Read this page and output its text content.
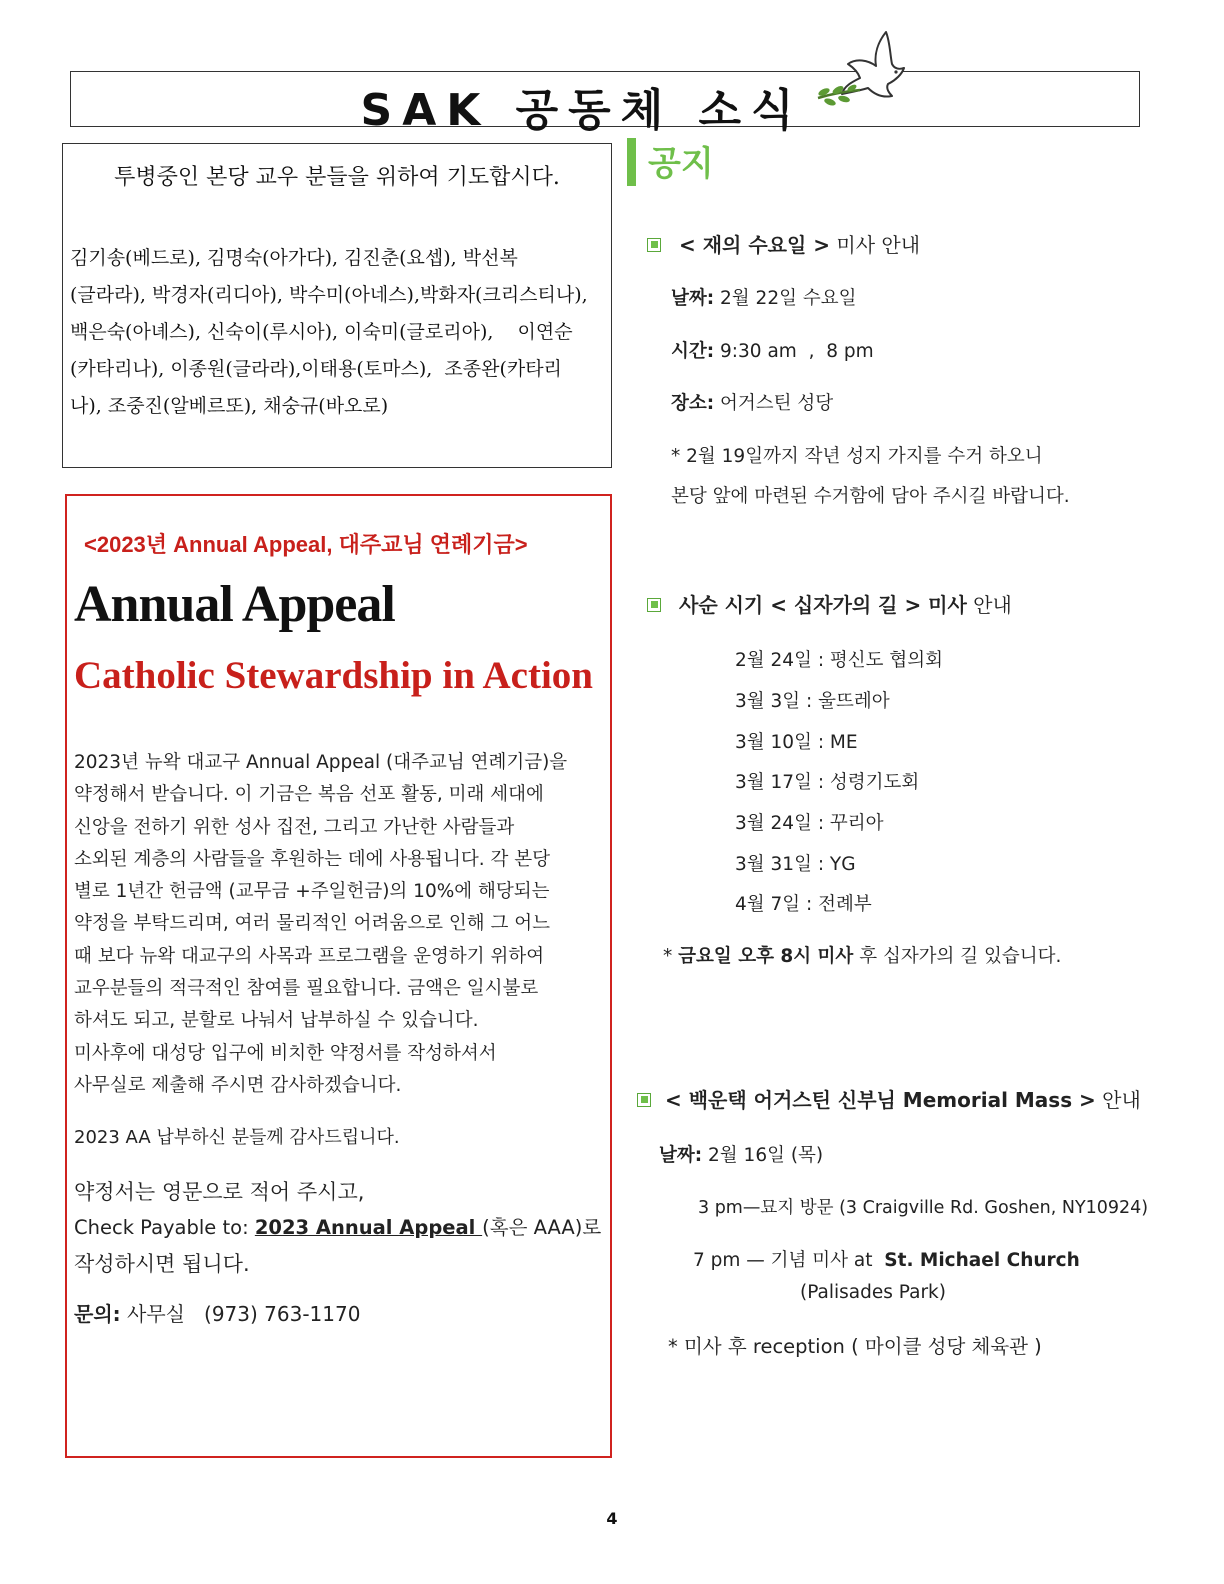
SAK 공동체 소식
투병중인 본당 교우 분들을 위하여 기도합시다.
김기송(베드로), 김명숙(아가다), 김진춘(요셉), 박선복
(글라라), 박경자(리디아), 박수미(아네스),박화자(크리스티나),
백은숙(아녜스), 신숙이(루시아), 이숙미(글로리아),    이연순
(카타리나), 이종원(글라라),이태용(토마스),  조종완(카타리
나), 조중진(알베르또), 채숭규(바오로)
<2023년 Annual Appeal, 대주교님 연례기금>
Annual Appeal
Catholic Stewardship in Action
2023년 뉴왁 대교구 Annual Appeal (대주교님 연례기금)을
약정해서 받습니다. 이 기금은 복음 선포 활동, 미래 세대에
신앙을 전하기 위한 성사 집전, 그리고 가난한 사람들과
소외된 계층의 사람들을 후원하는 데에 사용됩니다. 각 본당
별로 1년간 헌금액 (교무금 +주일헌금)의 10%에 해당되는
약정을 부탁드리며, 여러 물리적인 어려움으로 인해 그 어느
때 보다 뉴왁 대교구의 사목과 프로그램을 운영하기 위하여
교우분들의 적극적인 참여를 필요합니다. 금액은 일시불로
하셔도 되고, 분할로 나눠서 납부하실 수 있습니다.
미사후에 대성당 입구에 비치한 약정서를 작성하셔서
사무실로 제출해 주시면 감사하겠습니다.
2023 AA 납부하신 분들께 감사드립니다.
약정서는 영문으로 적어 주시고,
Check Payable to: 2023 Annual Appeal (혹은 AAA)로
작성하시면 됩니다.
문의: 사무실   (973) 763-1170
공지
< 재의 수요일 > 미사 안내
날짜: 2월 22일 수요일
시간: 9:30 am  ,  8 pm
장소: 어거스틴 성당
* 2월 19일까지 작년 성지 가지를 수거 하오니
본당 앞에 마련된 수거함에 담아 주시길 바랍니다.
사순 시기 < 십자가의 길 > 미사 안내
2월 24일 : 평신도 협의회
3월 3일 : 울뜨레아
3월 10일 : ME
3월 17일 : 성령기도회
3월 24일 : 꾸리아
3월 31일 : YG
4월 7일 : 전례부
* 금요일 오후 8시 미사 후 십자가의 길 있습니다.
< 백운택 어거스틴 신부님 Memorial Mass > 안내
날짜: 2월 16일 (목)
3 pm—묘지 방문 (3 Craigville Rd. Goshen, NY10924)
7 pm — 기념 미사 at  St. Michael Church
(Palisades Park)
* 미사 후 reception ( 마이클 성당 체육관 )
4
